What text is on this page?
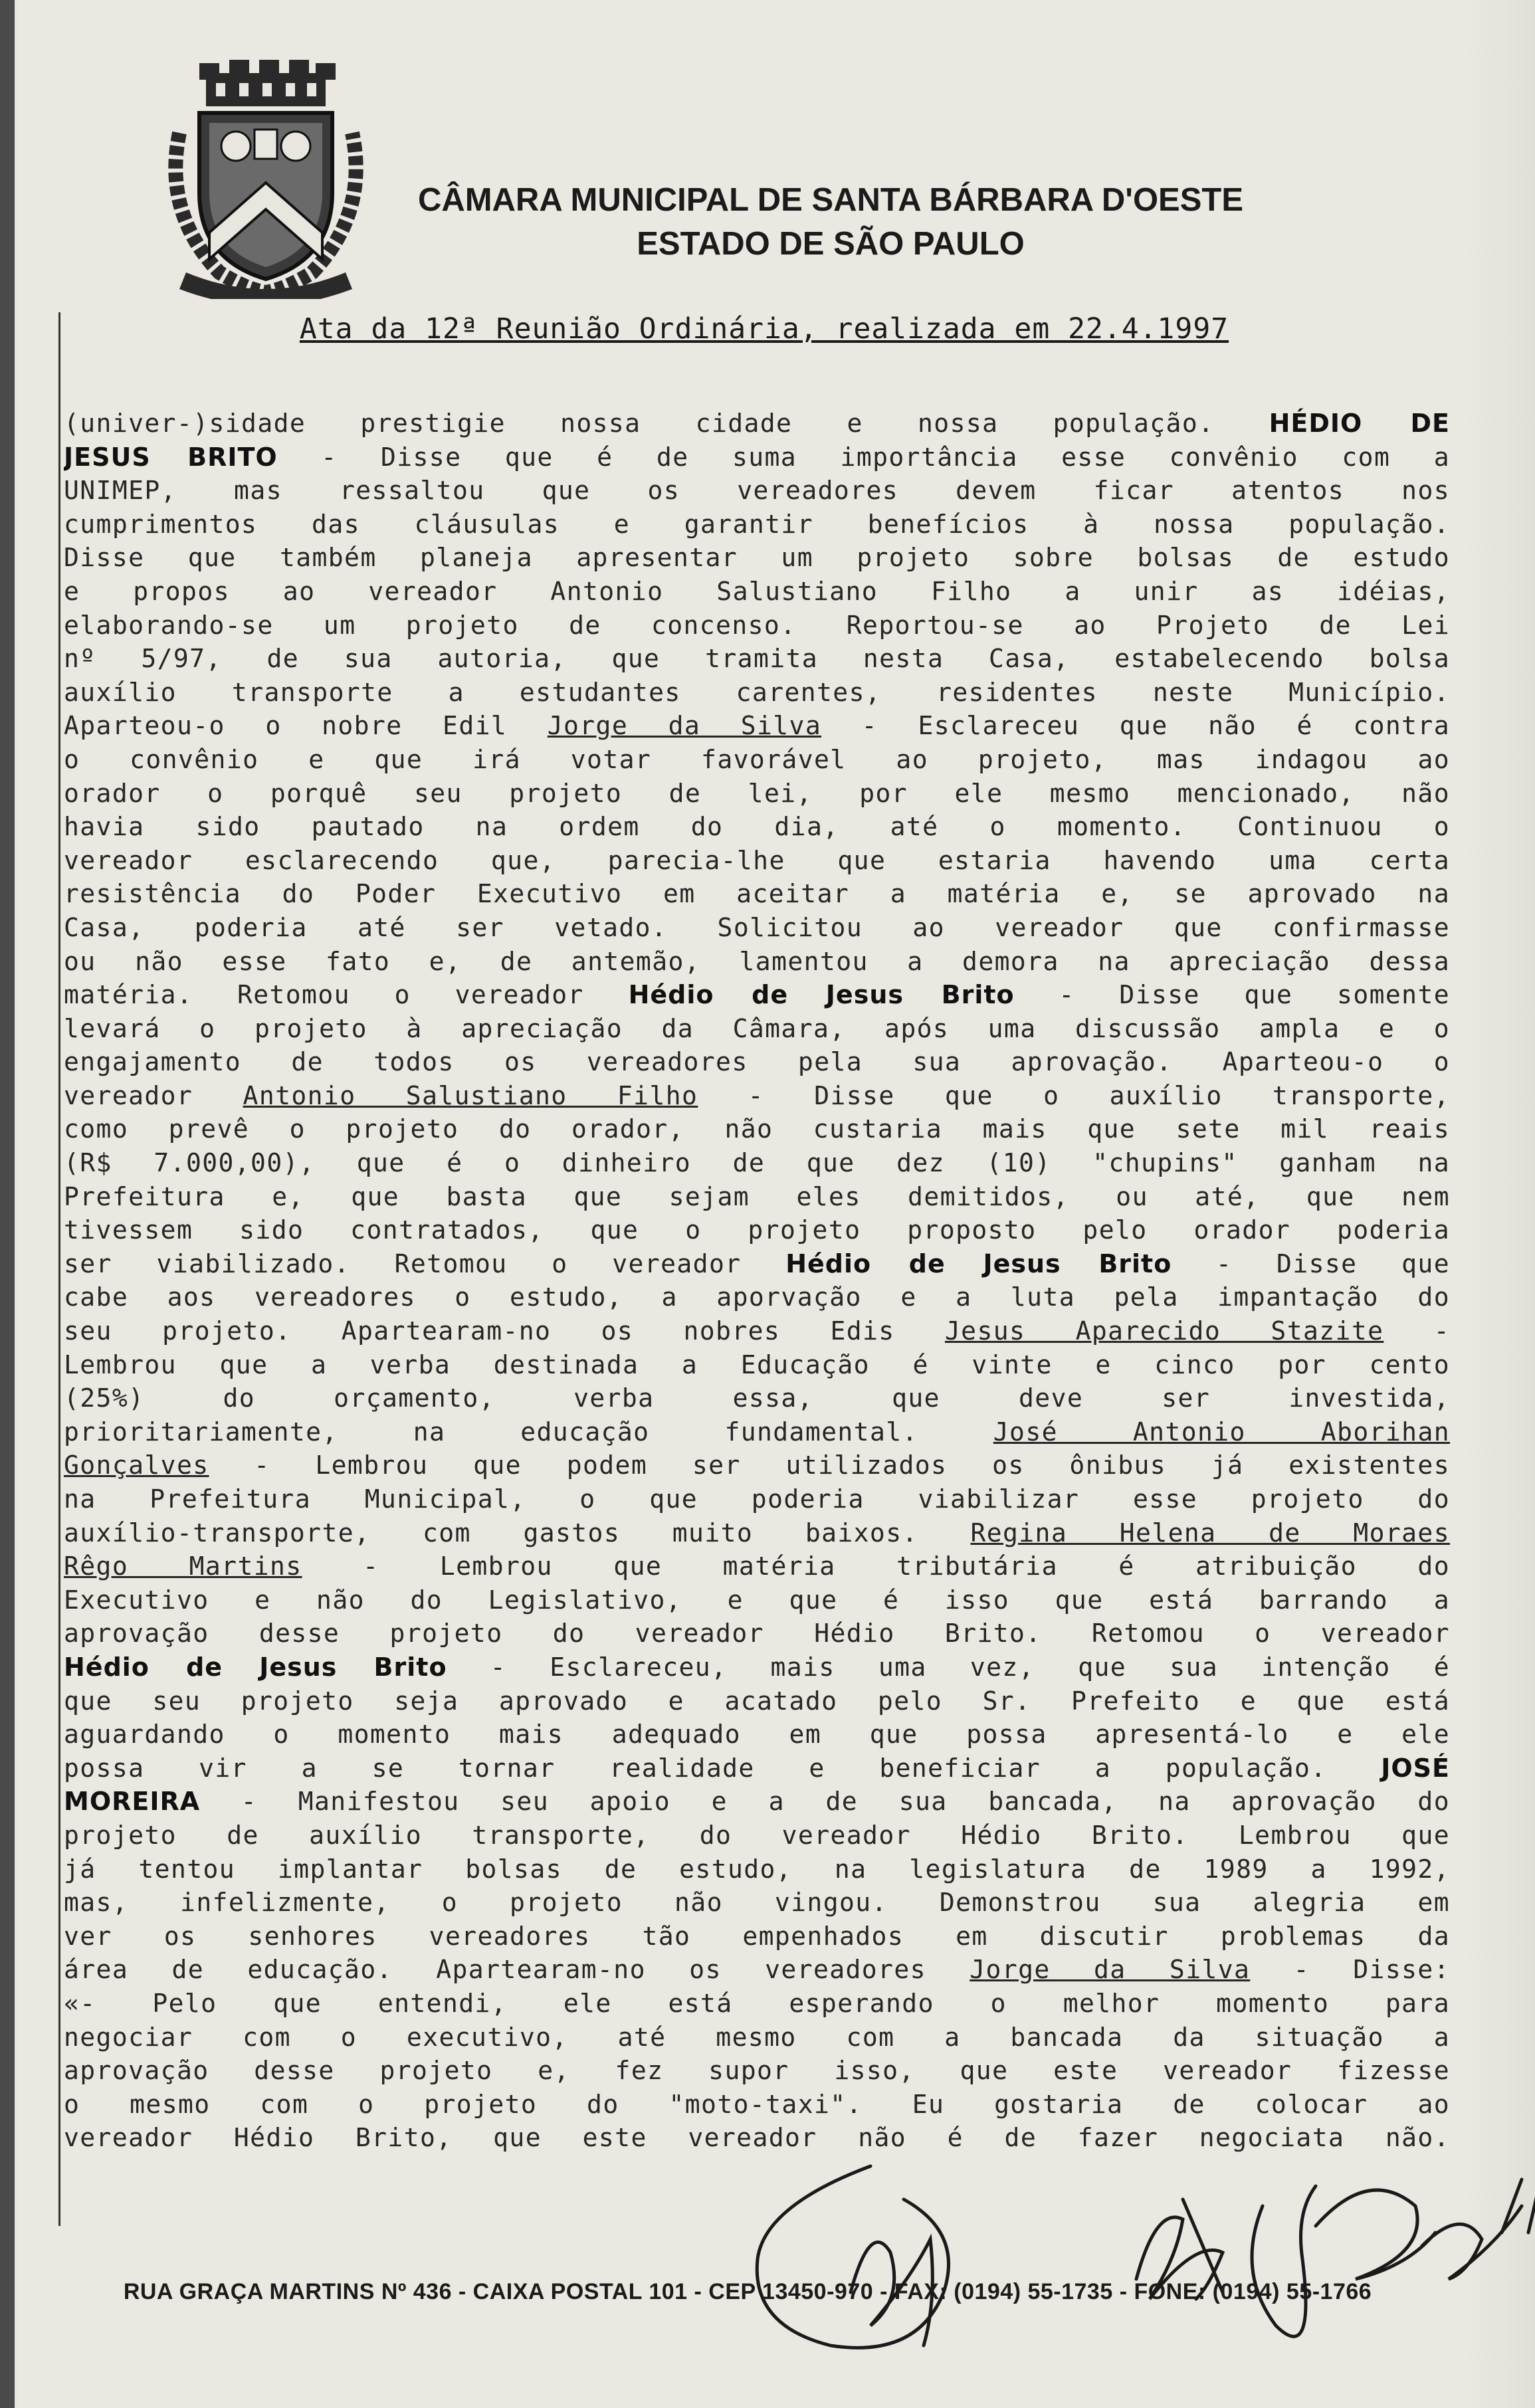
CÂMARA MUNICIPAL DE SANTA BÁRBARA D'OESTE
ESTADO DE SÃO PAULO
Ata da 12ª Reunião Ordinária, realizada em 22.4.1997
(univer-)sidade prestigie nossa cidade e nossa população. HÉDIO DE
JESUS BRITO - Disse que é de suma importância esse convênio com a
UNIMEP, mas ressaltou que os vereadores devem ficar atentos nos
cumprimentos das cláusulas e garantir benefícios à nossa população.
Disse que também planeja apresentar um projeto sobre bolsas de estudo
e propos ao vereador Antonio Salustiano Filho a unir as idéias,
elaborando-se um projeto de concenso. Reportou-se ao Projeto de Lei
nº 5/97, de sua autoria, que tramita nesta Casa, estabelecendo bolsa
auxílio transporte a estudantes carentes, residentes neste Município.
Aparteou-o o nobre Edil Jorge da Silva - Esclareceu que não é contra
o convênio e que irá votar favorável ao projeto, mas indagou ao
orador o porquê seu projeto de lei, por ele mesmo mencionado, não
havia sido pautado na ordem do dia, até o momento. Continuou o
vereador esclarecendo que, parecia-lhe que estaria havendo uma certa
resistência do Poder Executivo em aceitar a matéria e, se aprovado na
Casa, poderia até ser vetado. Solicitou ao vereador que confirmasse
ou não esse fato e, de antemão, lamentou a demora na apreciação dessa
matéria. Retomou o vereador Hédio de Jesus Brito - Disse que somente
levará o projeto à apreciação da Câmara, após uma discussão ampla e o
engajamento de todos os vereadores pela sua aprovação. Aparteou-o o
vereador Antonio Salustiano Filho - Disse que o auxílio transporte,
como prevê o projeto do orador, não custaria mais que sete mil reais
(R$ 7.000,00), que é o dinheiro de que dez (10) "chupins" ganham na
Prefeitura e, que basta que sejam eles demitidos, ou até, que nem
tivessem sido contratados, que o projeto proposto pelo orador poderia
ser viabilizado. Retomou o vereador Hédio de Jesus Brito - Disse que
cabe aos vereadores o estudo, a aporvação e a luta pela impantação do
seu projeto. Apartearam-no os nobres Edis Jesus Aparecido Stazite -
Lembrou que a verba destinada a Educação é vinte e cinco por cento
(25%) do orçamento, verba essa, que deve ser investida,
prioritariamente, na educação fundamental. José Antonio Aborihan
Gonçalves - Lembrou que podem ser utilizados os ônibus já existentes
na Prefeitura Municipal, o que poderia viabilizar esse projeto do
auxílio-transporte, com gastos muito baixos. Regina Helena de Moraes
Rêgo Martins - Lembrou que matéria tributária é atribuição do
Executivo e não do Legislativo, e que é isso que está barrando a
aprovação desse projeto do vereador Hédio Brito. Retomou o vereador
Hédio de Jesus Brito - Esclareceu, mais uma vez, que sua intenção é
que seu projeto seja aprovado e acatado pelo Sr. Prefeito e que está
aguardando o momento mais adequado em que possa apresentá-lo e ele
possa vir a se tornar realidade e beneficiar a população. JOSÉ
MOREIRA - Manifestou seu apoio e a de sua bancada, na aprovação do
projeto de auxílio transporte, do vereador Hédio Brito. Lembrou que
já tentou implantar bolsas de estudo, na legislatura de 1989 a 1992,
mas, infelizmente, o projeto não vingou. Demonstrou sua alegria em
ver os senhores vereadores tão empenhados em discutir problemas da
área de educação. Apartearam-no os vereadores Jorge da Silva - Disse:
«- Pelo que entendi, ele está esperando o melhor momento para
negociar com o executivo, até mesmo com a bancada da situação a
aprovação desse projeto e, fez supor isso, que este vereador fizesse
o mesmo com o projeto do "moto-taxi". Eu gostaria de colocar ao
vereador Hédio Brito, que este vereador não é de fazer negociata não.
RUA GRAÇA MARTINS Nº 436 - CAIXA POSTAL 101 - CEP 13450-970 - FAX: (0194) 55-1735 - FONE: (0194) 55-1766
